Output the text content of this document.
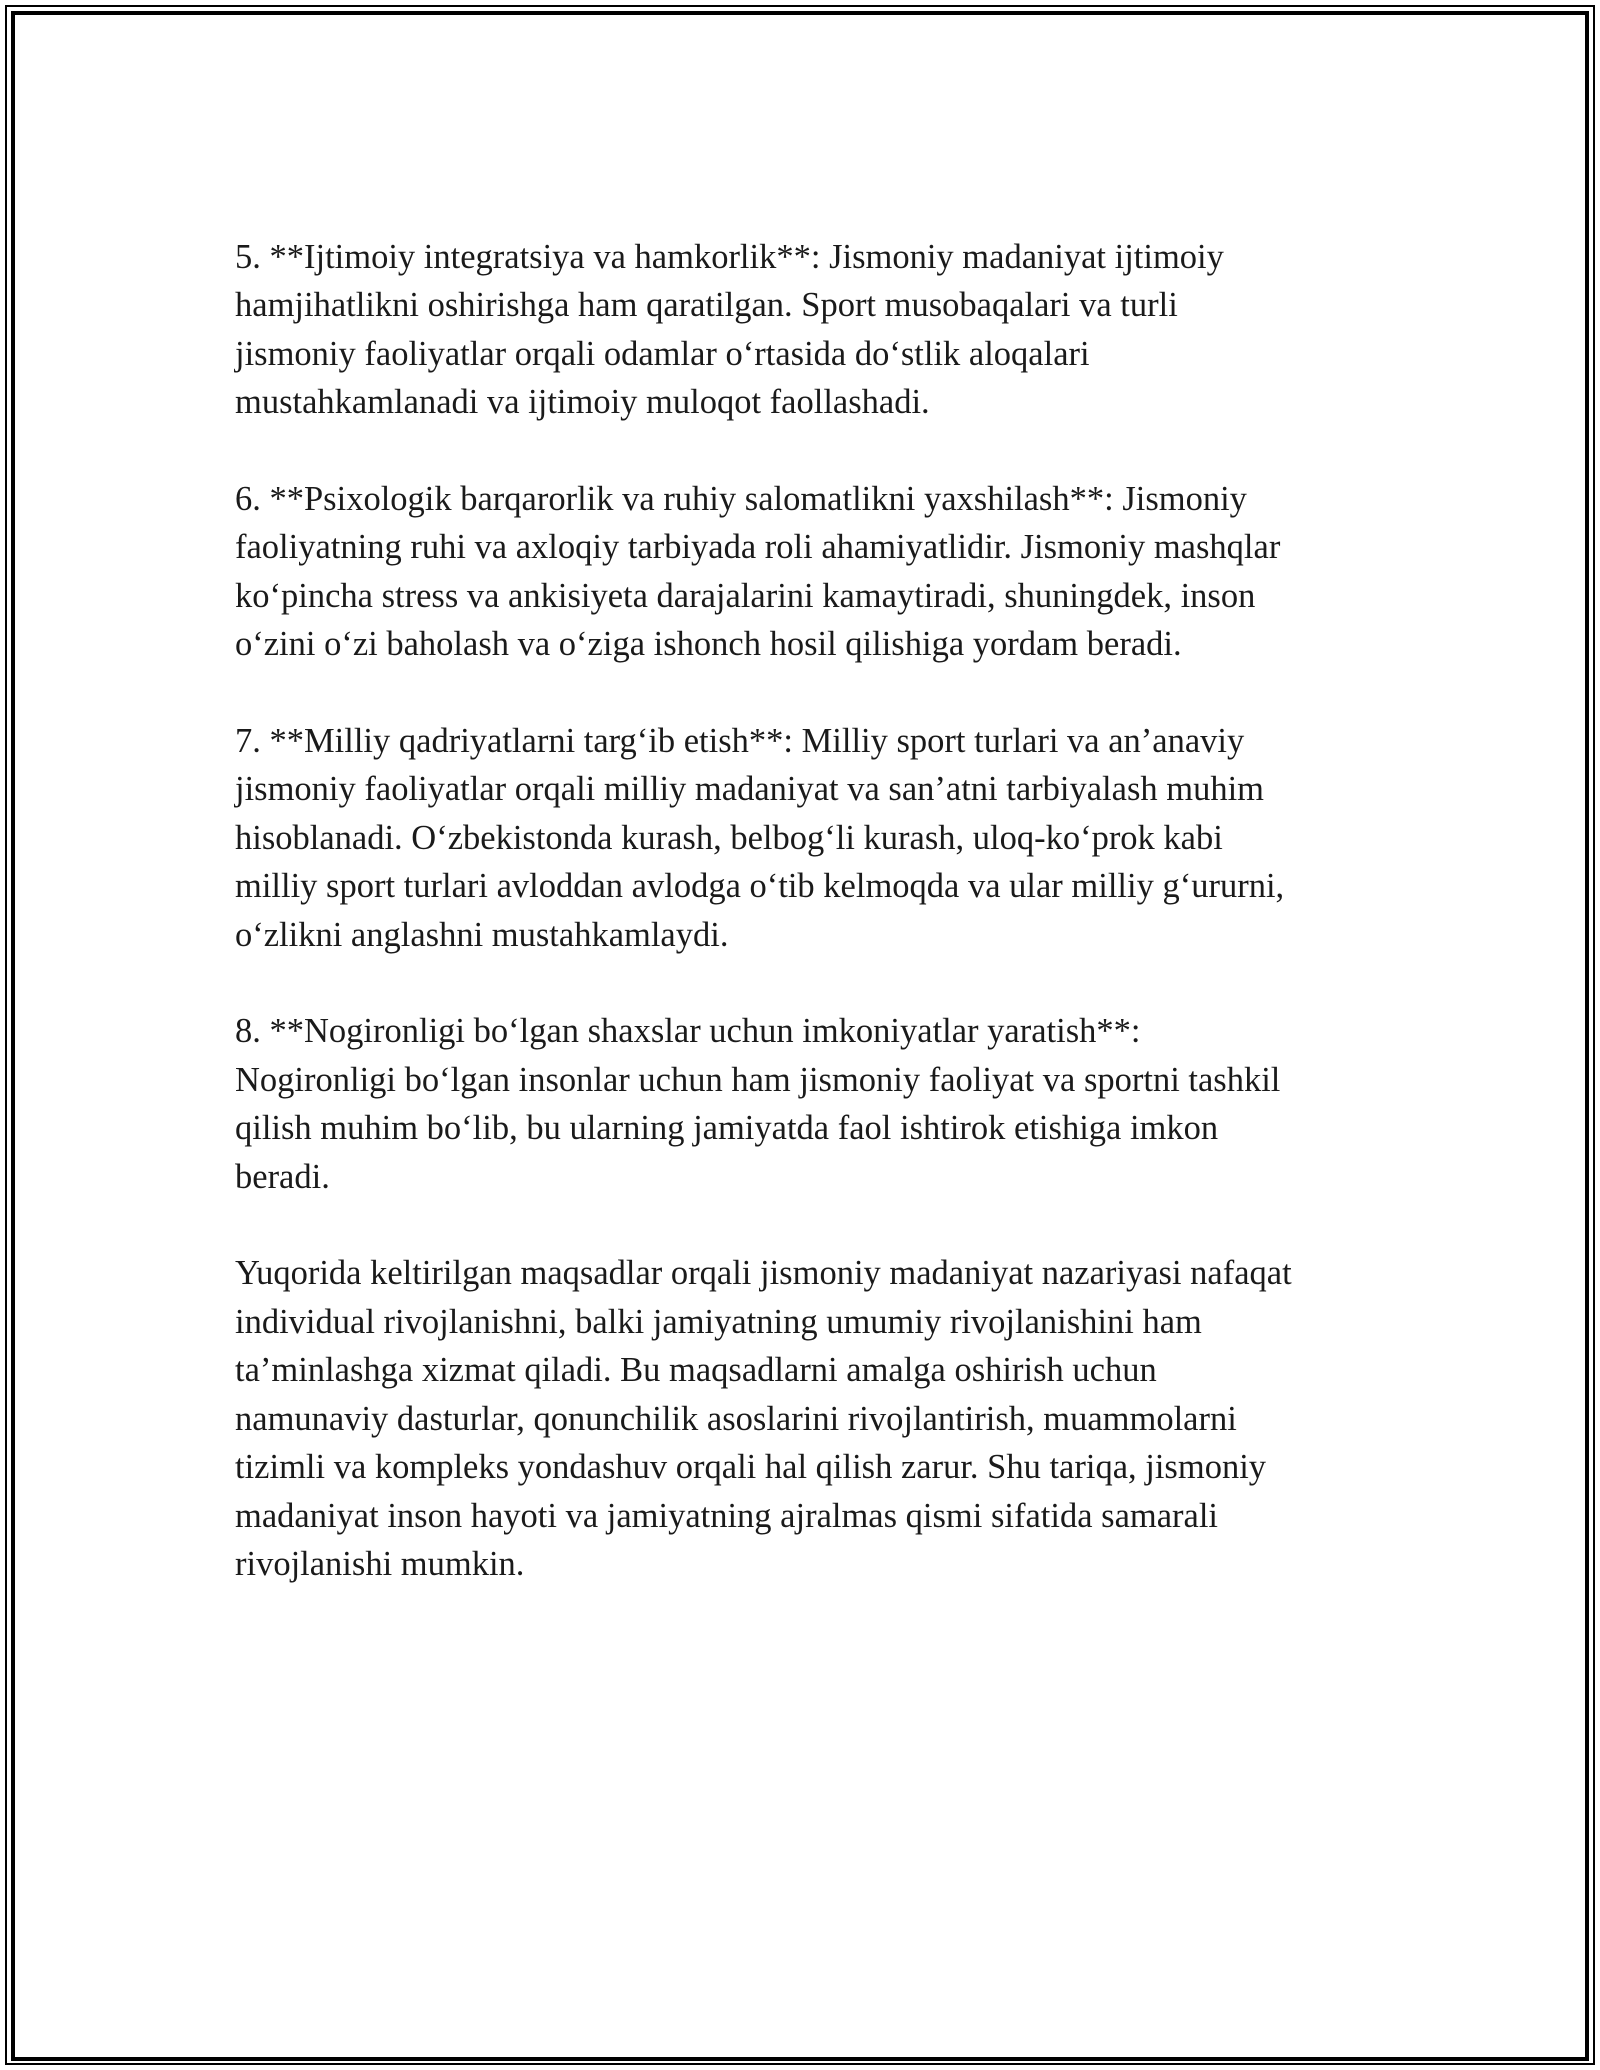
5. **Ijtimoiy integratsiya va hamkorlik**: Jismoniy madaniyat ijtimoiy
hamjihatlikni oshirishga ham qaratilgan. Sport musobaqalari va turli
jismoniy faoliyatlar orqali odamlar o‘rtasida do‘stlik aloqalari
mustahkamlanadi va ijtimoiy muloqot faollashadi.

6. **Psixologik barqarorlik va ruhiy salomatlikni yaxshilash**: Jismoniy
faoliyatning ruhi va axloqiy tarbiyada roli ahamiyatlidir. Jismoniy mashqlar
ko‘pincha stress va ankisiyeta darajalarini kamaytiradi, shuningdek, inson
o‘zini o‘zi baholash va o‘ziga ishonch hosil qilishiga yordam beradi.

7. **Milliy qadriyatlarni targ‘ib etish**: Milliy sport turlari va an’anaviy
jismoniy faoliyatlar orqali milliy madaniyat va san’atni tarbiyalash muhim
hisoblanadi. O‘zbekistonda kurash, belbog‘li kurash, uloq-ko‘prok kabi
milliy sport turlari avloddan avlodga o‘tib kelmoqda va ular milliy g‘ururni,
o‘zlikni anglashni mustahkamlaydi.

8. **Nogironligi bo‘lgan shaxslar uchun imkoniyatlar yaratish**:
Nogironligi bo‘lgan insonlar uchun ham jismoniy faoliyat va sportni tashkil
qilish muhim bo‘lib, bu ularning jamiyatda faol ishtirok etishiga imkon
beradi.

Yuqorida keltirilgan maqsadlar orqali jismoniy madaniyat nazariyasi nafaqat
individual rivojlanishni, balki jamiyatning umumiy rivojlanishini ham
ta’minlashga xizmat qiladi. Bu maqsadlarni amalga oshirish uchun
namunaviy dasturlar, qonunchilik asoslarini rivojlantirish, muammolarni
tizimli va kompleks yondashuv orqali hal qilish zarur. Shu tariqa, jismoniy
madaniyat inson hayoti va jamiyatning ajralmas qismi sifatida samarali
rivojlanishi mumkin.
